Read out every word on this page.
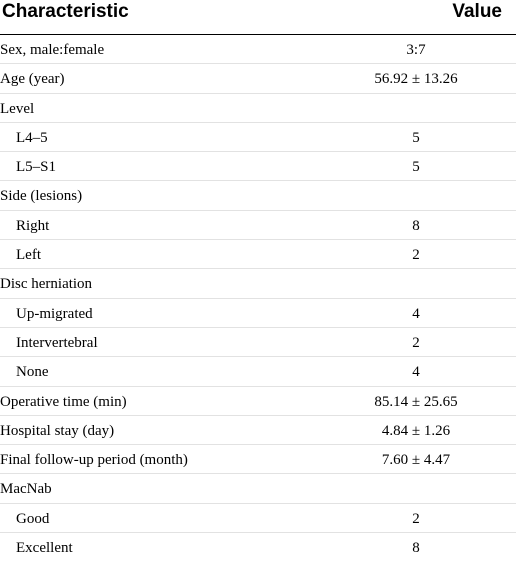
Characteristic	Value
Sex, male:female	3:7
Age (year)	56.92 ± 13.26
Level
L4–5	5
L5–S1	5
Side (lesions)
Right	8
Left	2
Disc herniation
Up-migrated	4
Intervertebral	2
None	4
Operative time (min)	85.14 ± 25.65
Hospital stay (day)	4.84 ± 1.26
Final follow-up period (month)	7.60 ± 4.47
MacNab
Good	2
Excellent	8
